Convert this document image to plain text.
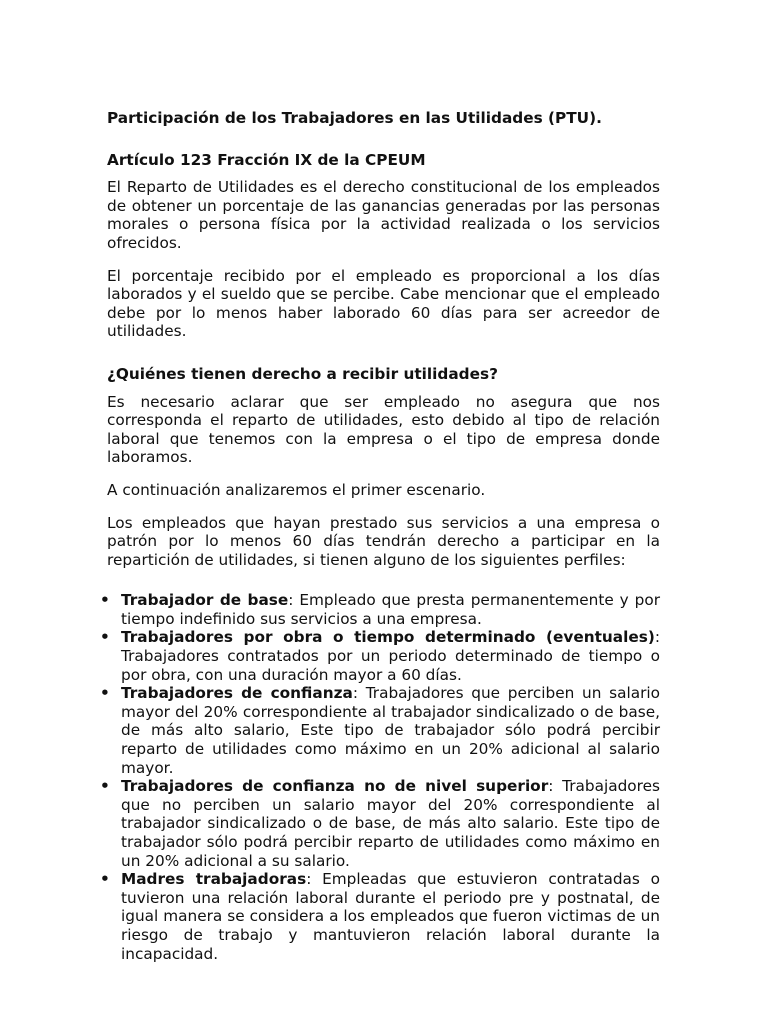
Participación de los Trabajadores en las Utilidades (PTU).
Artículo 123 Fracción IX de la CPEUM

El Reparto de Utilidades es el derecho constitucional de los empleados de obtener un porcentaje de las ganancias generadas por las personas morales o persona física por la actividad realizada o los servicios ofrecidos.

El porcentaje recibido por el empleado es proporcional a los días laborados y el sueldo que se percibe. Cabe mencionar que el empleado debe por lo menos haber laborado 60 días para ser acreedor de utilidades.

¿Quiénes tienen derecho a recibir utilidades?

Es necesario aclarar que ser empleado no asegura que nos corresponda el reparto de utilidades, esto debido al tipo de relación laboral que tenemos con la empresa o el tipo de empresa donde laboramos.

A continuación analizaremos el primer escenario.

Los empleados que hayan prestado sus servicios a una empresa o patrón por lo menos 60 días tendrán derecho a participar en la repartición de utilidades, si tienen alguno de los siguientes perfiles:

• Trabajador de base: Empleado que presta permanentemente y por tiempo indefinido sus servicios a una empresa.
• Trabajadores por obra o tiempo determinado (eventuales): Trabajadores contratados por un periodo determinado de tiempo o por obra, con una duración mayor a 60 días.
• Trabajadores de confianza: Trabajadores que perciben un salario mayor del 20% correspondiente al trabajador sindicalizado o de base, de más alto salario, Este tipo de trabajador sólo podrá percibir reparto de utilidades como máximo en un 20% adicional al salario mayor.
• Trabajadores de confianza no de nivel superior: Trabajadores que no perciben un salario mayor del 20% correspondiente al trabajador sindicalizado o de base, de más alto salario. Este tipo de trabajador sólo podrá percibir reparto de utilidades como máximo en un 20% adicional a su salario.
• Madres trabajadoras: Empleadas que estuvieron contratadas o tuvieron una relación laboral durante el periodo pre y postnatal, de igual manera se considera a los empleados que fueron victimas de un riesgo de trabajo y mantuvieron relación laboral durante la incapacidad.
